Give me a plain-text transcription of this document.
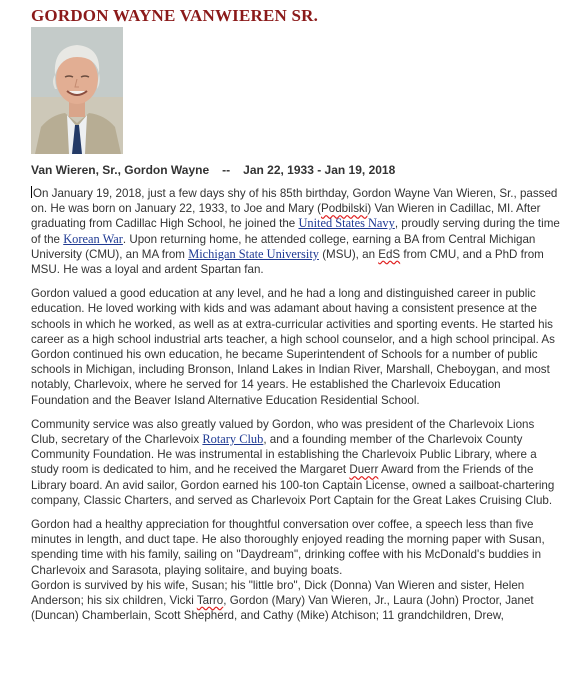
GORDON WAYNE VANWIEREN SR.
Van Wieren, Sr., Gordon Wayne -- Jan 22, 1933 - Jan 19, 2018

On January 19, 2018, just a few days shy of his 85th birthday, Gordon Wayne Van Wieren, Sr., passed on. He was born on January 22, 1933, to Joe and Mary (Podbilski) Van Wieren in Cadillac, MI. After graduating from Cadillac High School, he joined the United States Navy, proudly serving during the time of the Korean War. Upon returning home, he attended college, earning a BA from Central Michigan University (CMU), an MA from Michigan State University (MSU), an EdS from CMU, and a PhD from MSU. He was a loyal and ardent Spartan fan.

Gordon valued a good education at any level, and he had a long and distinguished career in public education. He loved working with kids and was adamant about having a consistent presence at the schools in which he worked, as well as at extra-curricular activities and sporting events. He started his career as a high school industrial arts teacher, a high school counselor, and a high school principal. As Gordon continued his own education, he became Superintendent of Schools for a number of public schools in Michigan, including Bronson, Inland Lakes in Indian River, Marshall, Cheboygan, and most notably, Charlevoix, where he served for 14 years. He established the Charlevoix Education Foundation and the Beaver Island Alternative Education Residential School.

Community service was also greatly valued by Gordon, who was president of the Charlevoix Lions Club, secretary of the Charlevoix Rotary Club, and a founding member of the Charlevoix County Community Foundation. He was instrumental in establishing the Charlevoix Public Library, where a study room is dedicated to him, and he received the Margaret Duerr Award from the Friends of the Library board. An avid sailor, Gordon earned his 100-ton Captain License, owned a sailboat-chartering company, Classic Charters, and served as Charlevoix Port Captain for the Great Lakes Cruising Club.

Gordon had a healthy appreciation for thoughtful conversation over coffee, a speech less than five minutes in length, and duct tape. He also thoroughly enjoyed reading the morning paper with Susan, spending time with his family, sailing on "Daydream", drinking coffee with his McDonald's buddies in Charlevoix and Sarasota, playing solitaire, and buying boats.

Gordon is survived by his wife, Susan; his "little bro", Dick (Donna) Van Wieren and sister, Helen Anderson; his six children, Vicki Tarro, Gordon (Mary) Van Wieren, Jr., Laura (John) Proctor, Janet (Duncan) Chamberlain, Scott Shepherd, and Cathy (Mike) Atchison; 11 grandchildren, Drew,
